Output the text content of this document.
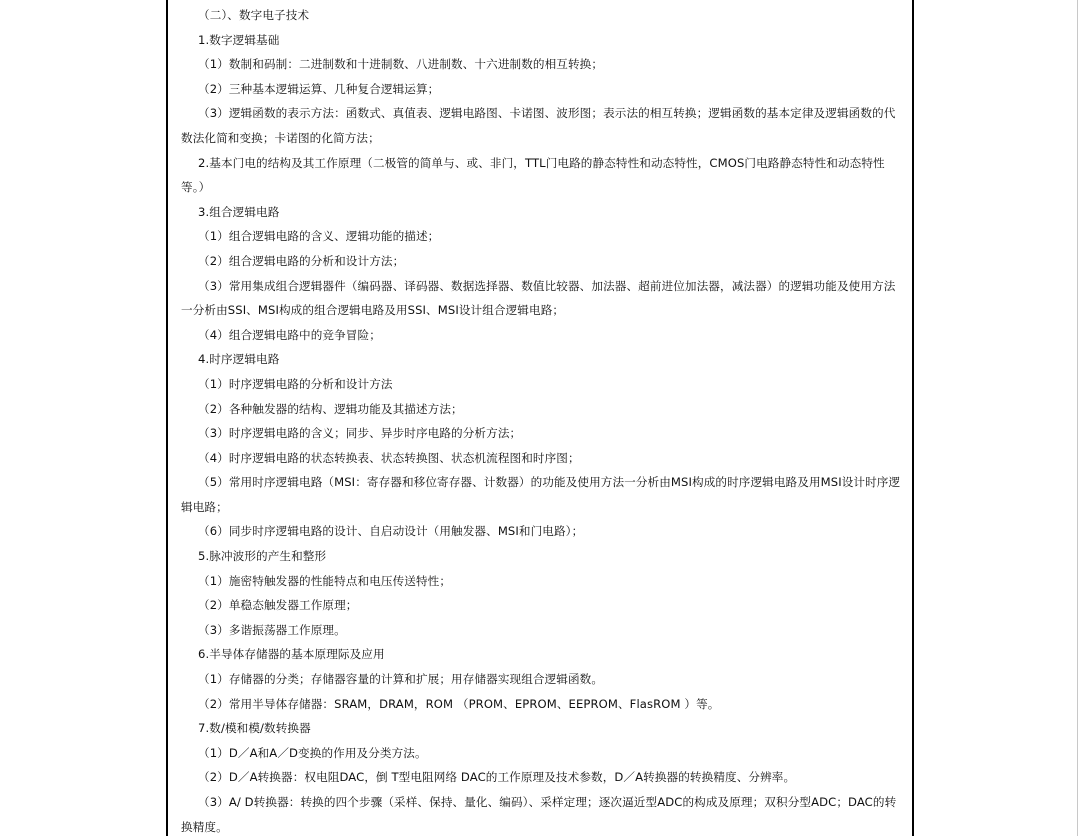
（二）、数字电子技术

1.数字逻辑基础

（1）数制和码制：二进制数和十进制数、八进制数、十六进制数的相互转换；

（2）三种基本逻辑运算、几种复合逻辑运算；

（3）逻辑函数的表示方法：函数式、真值表、逻辑电路图、卡诺图、波形图；表示法的相互转换；逻辑函数的基本定律及逻辑函数的代数法化简和变换；卡诺图的化简方法；

2.基本门电的结构及其工作原理（二极管的简单与、或、非门，TTL门电路的静态特性和动态特性，CMOS门电路静态特性和动态特性等。）

3.组合逻辑电路

（1）组合逻辑电路的含义、逻辑功能的描述；

（2）组合逻辑电路的分析和设计方法；

（3）常用集成组合逻辑器件（编码器、译码器、数据选择器、数值比较器、加法器、超前进位加法器，减法器）的逻辑功能及使用方法一分析由SSI、MSI构成的组合逻辑电路及用SSI、MSI设计组合逻辑电路；

（4）组合逻辑电路中的竞争冒险；

4.时序逻辑电路

（1）时序逻辑电路的分析和设计方法

（2）各种触发器的结构、逻辑功能及其描述方法；

（3）时序逻辑电路的含义；同步、异步时序电路的分析方法；

（4）时序逻辑电路的状态转换表、状态转换图、状态机流程图和时序图；

（5）常用时序逻辑电路（MSI：寄存器和移位寄存器、计数器）的功能及使用方法一分析由MSI构成的时序逻辑电路及用MSI设计时序逻辑电路；

（6）同步时序逻辑电路的设计、自启动设计（用触发器、MSI和门电路）；

5.脉冲波形的产生和整形

（1）施密特触发器的性能特点和电压传送特性；

（2）单稳态触发器工作原理；

（3）多谐振荡器工作原理。

6.半导体存储器的基本原理际及应用

（1）存储器的分类；存储器容量的计算和扩展；用存储器实现组合逻辑函数。

（2）常用半导体存储器：SRAM，DRAM，ROM （PROM、EPROM、EEPROM、FlasROM ）等。

7.数/模和模/数转换器

（1）D／A和A／D变换的作用及分类方法。

（2）D／A转换器：权电阻DAC，倒 T型电阻网络 DAC的工作原理及技术参数，D／A转换器的转换精度、分辨率。

（3）A/ D转换器：转换的四个步骤（采样、保持、量化、编码）、采样定理；逐次逼近型ADC的构成及原理；双积分型ADC；DAC的转换精度。
